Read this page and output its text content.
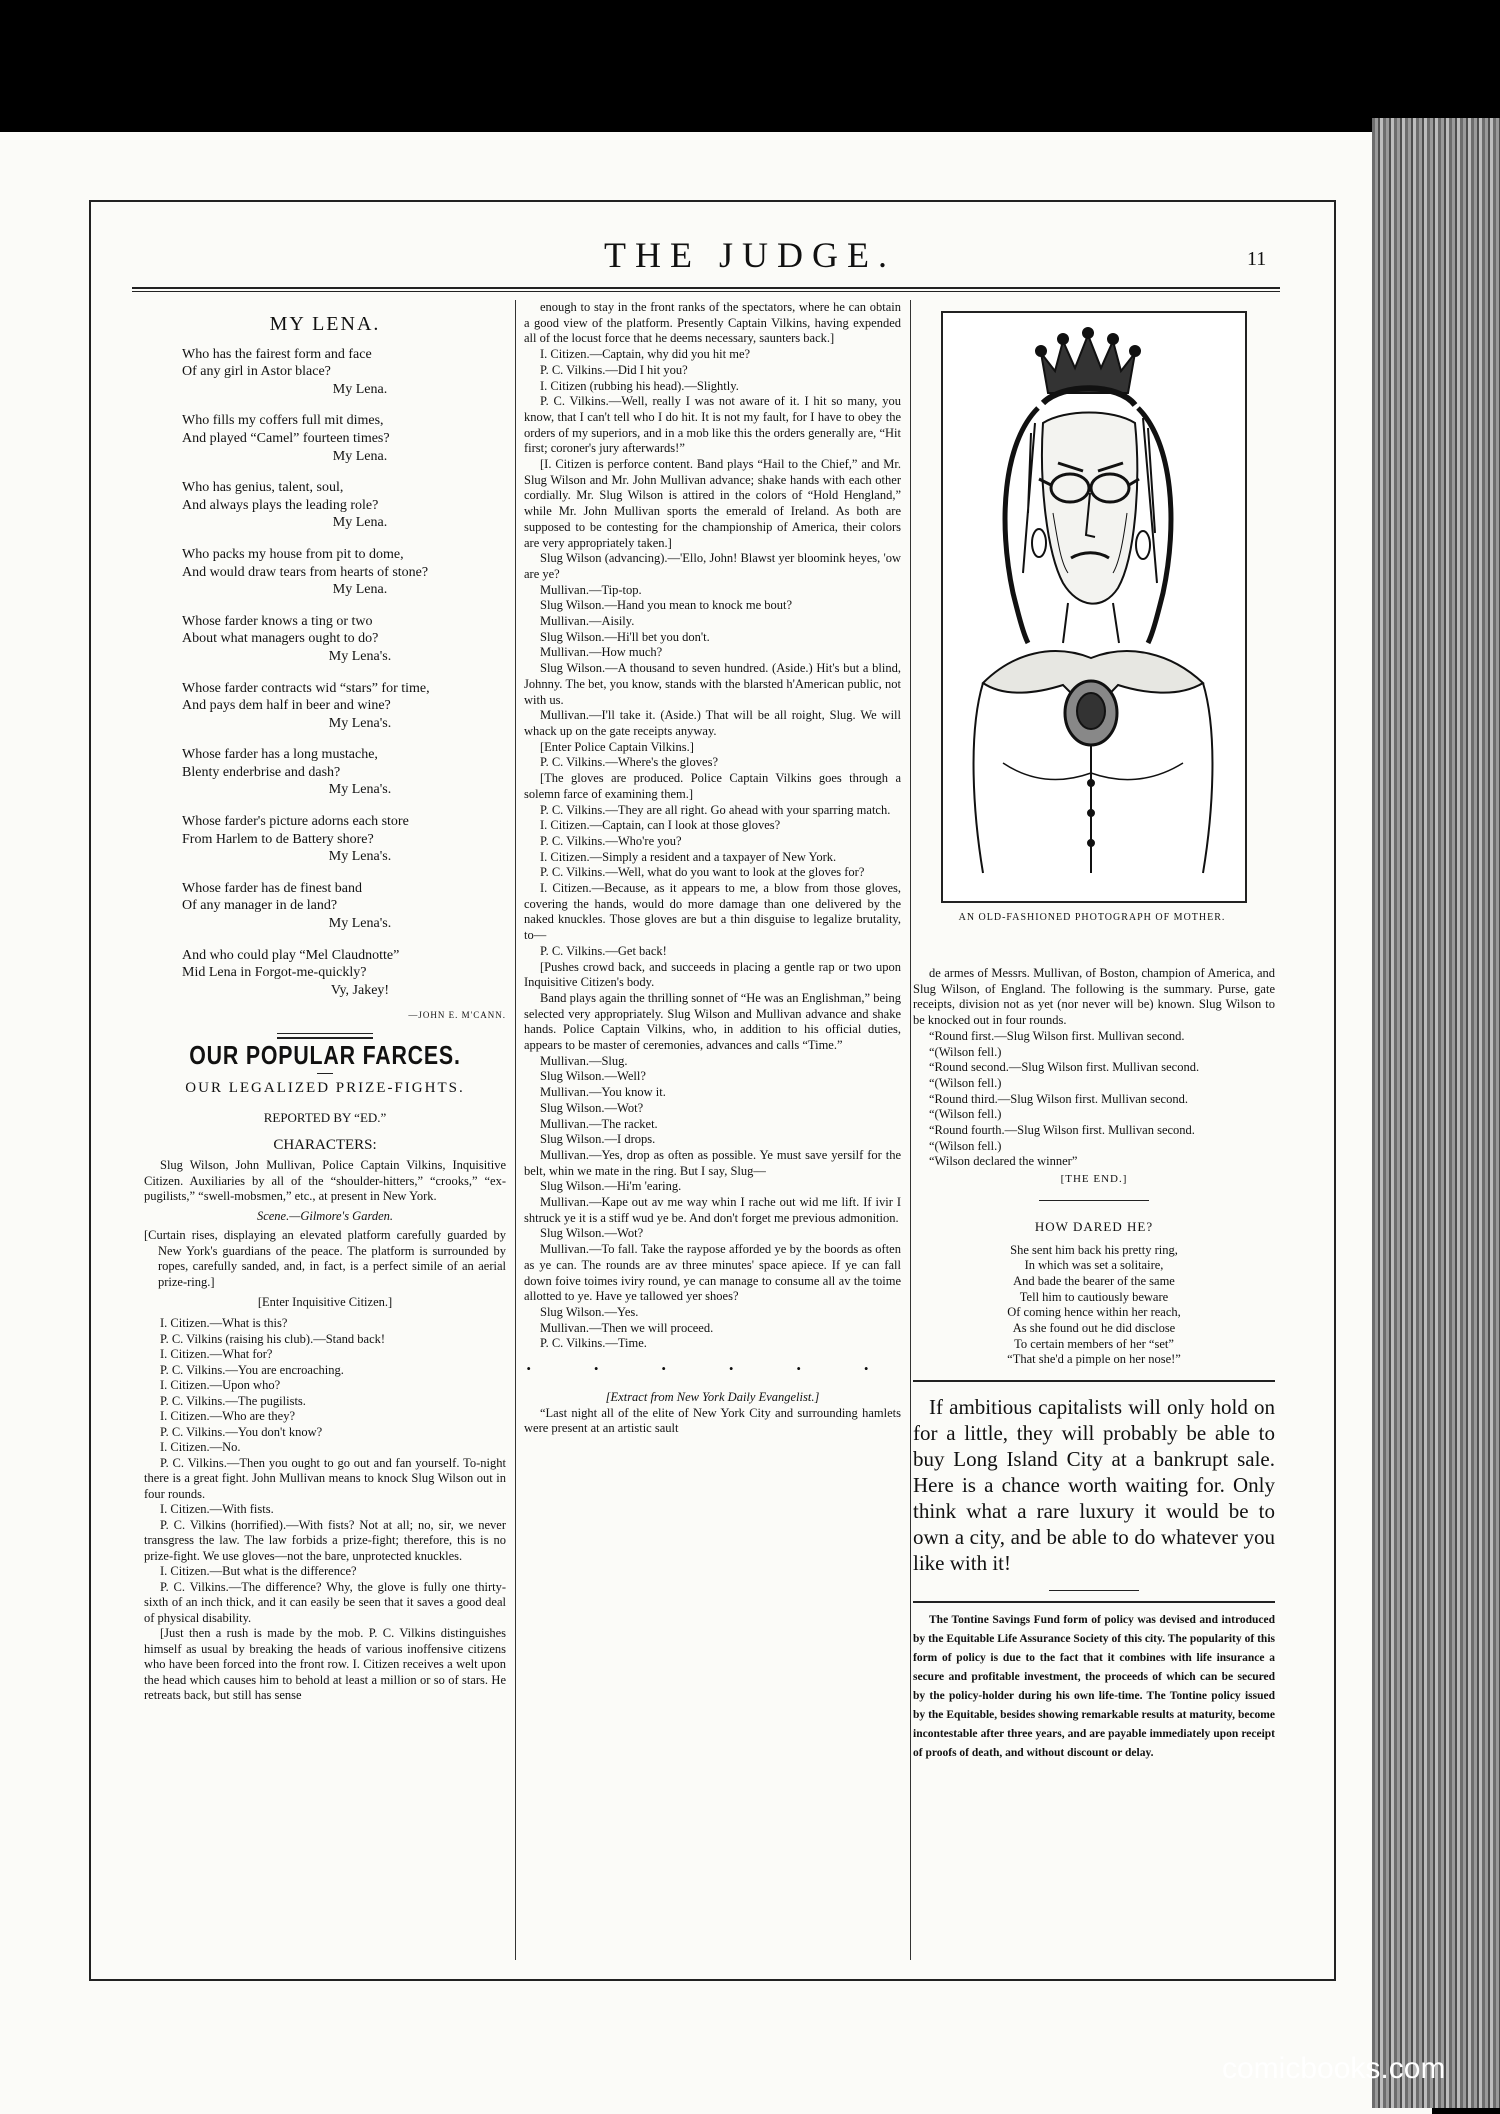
THE JUDGE.	11
MY LENA.
Who has the fairest form and face
Of any girl in Astor blace?
My Lena.
Who fills my coffers full mit dimes,
And played “Camel” fourteen times?
My Lena.
Who has genius, talent, soul,
And always plays the leading role?
My Lena.
Who packs my house from pit to dome,
And would draw tears from hearts of stone?
My Lena.
Whose farder knows a ting or two
About what managers ought to do?
My Lena's.
Whose farder contracts wid “stars” for time,
And pays dem half in beer and wine?
My Lena's.
Whose farder has a long mustache,
Blenty enderbrise and dash?
My Lena's.
Whose farder's picture adorns each store
From Harlem to de Battery shore?
My Lena's.
Whose farder has de finest band
Of any manager in de land?
My Lena's.
And who could play “Mel Claudnotte”
Mid Lena in Forgot-me-quickly?
Vy, Jakey!
—JOHN E. M'CANN.
OUR POPULAR FARCES.
OUR LEGALIZED PRIZE-FIGHTS.
REPORTED BY “ED.”
CHARACTERS:

Slug Wilson, John Mullivan, Police Captain Vilkins, Inquisitive Citizen. Auxiliaries by all of the “shoulder-hitters,” “crooks,” “ex-pugilists,” “swell-mobsmen,” etc., at present in New York.

Scene.—Gilmore's Garden.

[Curtain rises, displaying an elevated platform carefully guarded by New York's guardians of the peace. The platform is surrounded by ropes, carefully sanded, and, in fact, is a perfect simile of an aerial prize-ring.]

[Enter Inquisitive Citizen.]

I. Citizen.—What is this?

P. C. Vilkins (raising his club).—Stand back!

I. Citizen.—What for?

P. C. Vilkins.—You are encroaching.

I. Citizen.—Upon who?

P. C. Vilkins.—The pugilists.

I. Citizen.—Who are they?

P. C. Vilkins.—You don't know?

I. Citizen.—No.

P. C. Vilkins.—Then you ought to go out and fan yourself. To-night there is a great fight. John Mullivan means to knock Slug Wilson out in four rounds.

I. Citizen.—With fists.

P. C. Vilkins (horrified).—With fists? Not at all; no, sir, we never transgress the law. The law forbids a prize-fight; therefore, this is no prize-fight. We use gloves—not the bare, unprotected knuckles.

I. Citizen.—But what is the difference?

P. C. Vilkins.—The difference? Why, the glove is fully one thirty-sixth of an inch thick, and it can easily be seen that it saves a good deal of physical disability.

[Just then a rush is made by the mob. P. C. Vilkins distinguishes himself as usual by breaking the heads of various inoffensive citizens who have been forced into the front row. I. Citizen receives a welt upon the head which causes him to behold at least a million or so of stars. He retreats back, but still has sense

enough to stay in the front ranks of the spectators, where he can obtain a good view of the platform. Presently Captain Vilkins, having expended all of the locust force that he deems necessary, saunters back.]

I. Citizen.—Captain, why did you hit me?

P. C. Vilkins.—Did I hit you?

I. Citizen (rubbing his head).—Slightly.

P. C. Vilkins.—Well, really I was not aware of it. I hit so many, you know, that I can't tell who I do hit. It is not my fault, for I have to obey the orders of my superiors, and in a mob like this the orders generally are, “Hit first; coroner's jury afterwards!”

[I. Citizen is perforce content. Band plays “Hail to the Chief,” and Mr. Slug Wilson and Mr. John Mullivan advance; shake hands with each other cordially. Mr. Slug Wilson is attired in the colors of “Hold Hengland,” while Mr. John Mullivan sports the emerald of Ireland. As both are supposed to be contesting for the championship of America, their colors are very appropriately taken.]

Slug Wilson (advancing).—'Ello, John! Blawst yer bloomink heyes, 'ow are ye?

Mullivan.—Tip-top.

Slug Wilson.—Hand you mean to knock me bout?

Mullivan.—Aisily.

Slug Wilson.—Hi'll bet you don't.

Mullivan.—How much?

Slug Wilson.—A thousand to seven hundred. (Aside.) Hit's but a blind, Johnny. The bet, you know, stands with the blarsted h'American public, not with us.

Mullivan.—I'll take it. (Aside.) That will be all roight, Slug. We will whack up on the gate receipts anyway.

[Enter Police Captain Vilkins.]

P. C. Vilkins.—Where's the gloves?

[The gloves are produced. Police Captain Vilkins goes through a solemn farce of examining them.]

P. C. Vilkins.—They are all right. Go ahead with your sparring match.

I. Citizen.—Captain, can I look at those gloves?

P. C. Vilkins.—Who're you?

I. Citizen.—Simply a resident and a taxpayer of New York.

P. C. Vilkins.—Well, what do you want to look at the gloves for?

I. Citizen.—Because, as it appears to me, a blow from those gloves, covering the hands, would do more damage than one delivered by the naked knuckles. Those gloves are but a thin disguise to legalize brutality, to—

P. C. Vilkins.—Get back!

[Pushes crowd back, and succeeds in placing a gentle rap or two upon Inquisitive Citizen's body.

Band plays again the thrilling sonnet of “He was an Englishman,” being selected very appropriately. Slug Wilson and Mullivan advance and shake hands. Police Captain Vilkins, who, in addition to his official duties, appears to be master of ceremonies, advances and calls “Time.”

Mullivan.—Slug.

Slug Wilson.—Well?

Mullivan.—You know it.

Slug Wilson.—Wot?

Mullivan.—The racket.

Slug Wilson.—I drops.

Mullivan.—Yes, drop as often as possible. Ye must save yersilf for the belt, whin we mate in the ring. But I say, Slug—

Slug Wilson.—Hi'm 'earing.

Mullivan.—Kape out av me way whin I rache out wid me lift. If ivir I shtruck ye it is a stiff wud ye be. And don't forget me previous admonition.

Slug Wilson.—Wot?

Mullivan.—To fall. Take the raypose afforded ye by the boords as often as ye can. The rounds are av three minutes' space apiece. If ye can fall down foive toimes iviry round, ye can manage to consume all av the toime allotted to ye. Have ye tallowed yer shoes?

Slug Wilson.—Yes.

Mullivan.—Then we will proceed.

P. C. Vilkins.—Time.

• • • • • •

[Extract from New York Daily Evangelist.]

“Last night all of the elite of New York City and surrounding hamlets were present at an artistic sault

AN OLD-FASHIONED PHOTOGRAPH OF MOTHER.

de armes of Messrs. Mullivan, of Boston, champion of America, and Slug Wilson, of England. The following is the summary. Purse, gate receipts, division not as yet (nor never will be) known. Slug Wilson to be knocked out in four rounds.

“Round first.—Slug Wilson first. Mullivan second.

“(Wilson fell.)

“Round second.—Slug Wilson first. Mullivan second.

“(Wilson fell.)

“Round third.—Slug Wilson first. Mullivan second.

“(Wilson fell.)

“Round fourth.—Slug Wilson first. Mullivan second.

“(Wilson fell.)

“Wilson declared the winner”

[THE END.]

HOW DARED HE?

She sent him back his pretty ring,

In which was set a solitaire,

And bade the bearer of the same

Tell him to cautiously beware

Of coming hence within her reach,

As she found out he did disclose

To certain members of her “set”

“That she'd a pimple on her nose!”

If ambitious capitalists will only hold on for a little, they will probably be able to buy Long Island City at a bankrupt sale. Here is a chance worth waiting for. Only think what a rare luxury it would be to own a city, and be able to do whatever you like with it!

The Tontine Savings Fund form of policy was devised and introduced by the Equitable Life Assurance Society of this city. The popularity of this form of policy is due to the fact that it combines with life insurance a secure and profitable investment, the proceeds of which can be secured by the policy-holder during his own life-time. The Tontine policy issued by the Equitable, besides showing remarkable results at maturity, become incontestable after three years, and are payable immediately upon receipt of proofs of death, and without discount or delay.

comicbooks.com
